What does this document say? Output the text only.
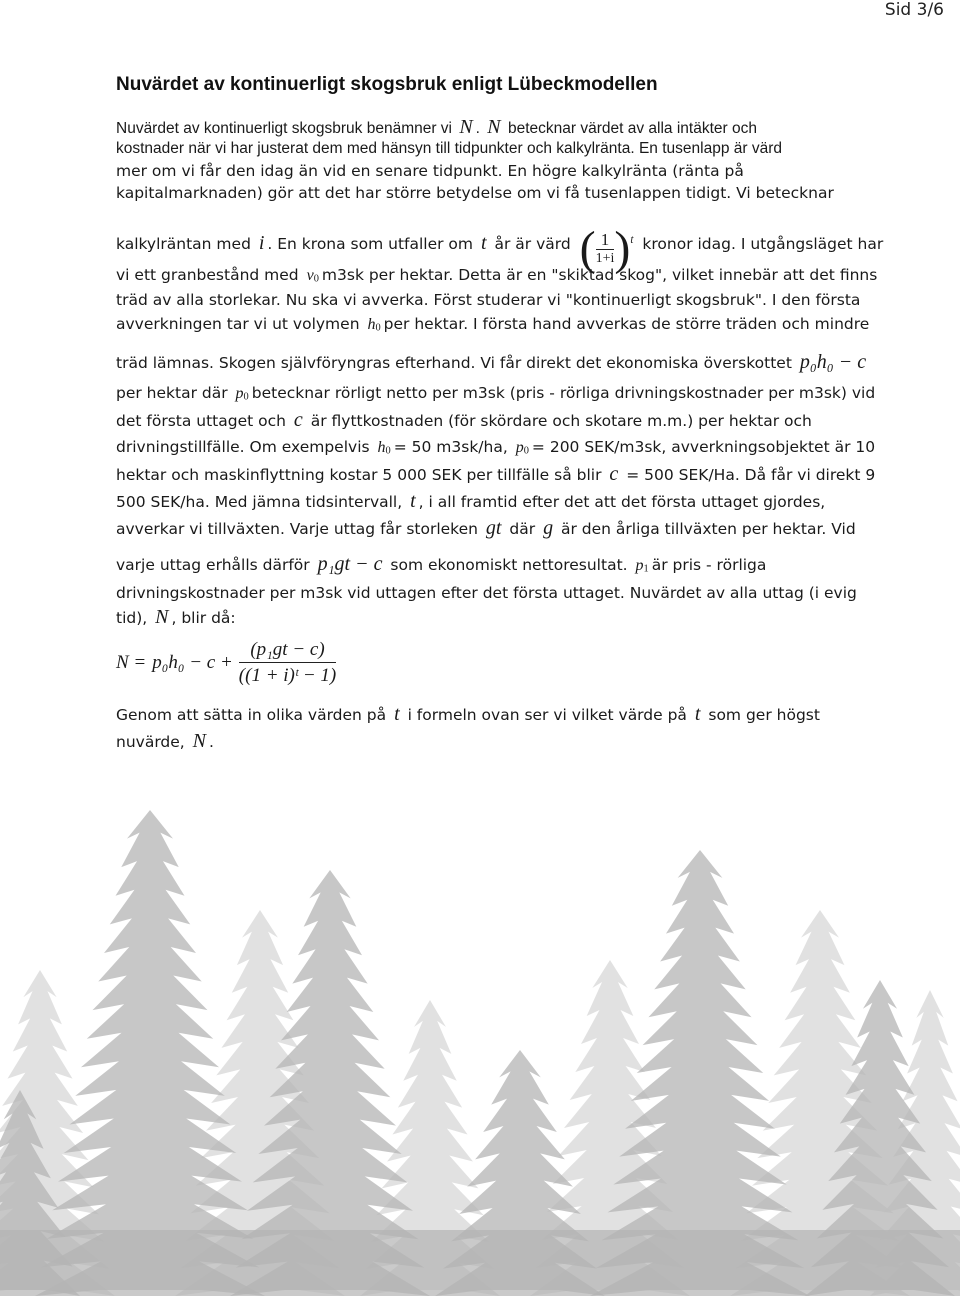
Sid 3/6
Nuvärdet av kontinuerligt skogsbruk enligt Lübeckmodellen
Nuvärdet av kontinuerligt skogsbruk benämner vi N . N betecknar värdet av alla intäkter och
kostnader när vi har justerat dem med hänsyn till tidpunkter och kalkylränta. En tusenlapp är värd
mer om vi får den idag än vid en senare tidpunkt. En högre kalkylränta (ränta på
kapitalmarknaden) gör att det har större betydelse om vi få tusenlappen tidigt. Vi betecknar
kalkylräntan med i . En krona som utfaller om t år är värd ( $\frac{1}{1+i} )^t$ kronor idag. I utgångsläget har
vi ett granbestånd med v0 m3sk per hektar. Detta är en "skiktad skog", vilket innebär att det finns
träd av alla storlekar. Nu ska vi avverka. Först studerar vi "kontinuerligt skogsbruk". I den första
avverkningen tar vi ut volymen h0 per hektar. I första hand avverkas de större träden och mindre
träd lämnas. Skogen självföryngras efterhand. Vi får direkt det ekonomiska överskottet p₀h₀ − c
per hektar där p0 betecknar rörligt netto per m3sk (pris - rörliga drivningskostnader per m3sk) vid
det första uttaget och c är flyttkostnaden (för skördare och skotare m.m.) per hektar och
drivningstillfälle. Om exempelvis h0 = 50 m3sk/ha, p0 = 200 SEK/m3sk, avverkningsobjektet är 10
hektar och maskinflyttning kostar 5 000 SEK per tillfälle så blir c = 500 SEK/Ha. Då får vi direkt 9
500 SEK/ha. Med jämna tidsintervall, t , i all framtid efter det att det första uttaget gjordes,
avverkar vi tillväxten. Varje uttag får storleken gt där g är den årliga tillväxten per hektar. Vid
varje uttag erhålls därför p₁gt − c som ekonomiskt nettoresultat. p1 är pris - rörliga
drivningskostnader per m3sk vid uttagen efter det första uttaget. Nuvärdet av alla uttag (i evig
tid), N , blir då:
$N = p_0h_0 - c + \frac{\text{(p₁gt − c)}}{\text{((1 + i)ᵗ − 1)}}$
Genom att sätta in olika värden på t i formeln ovan ser vi vilket värde på t som ger högst
nuvärde, N .
